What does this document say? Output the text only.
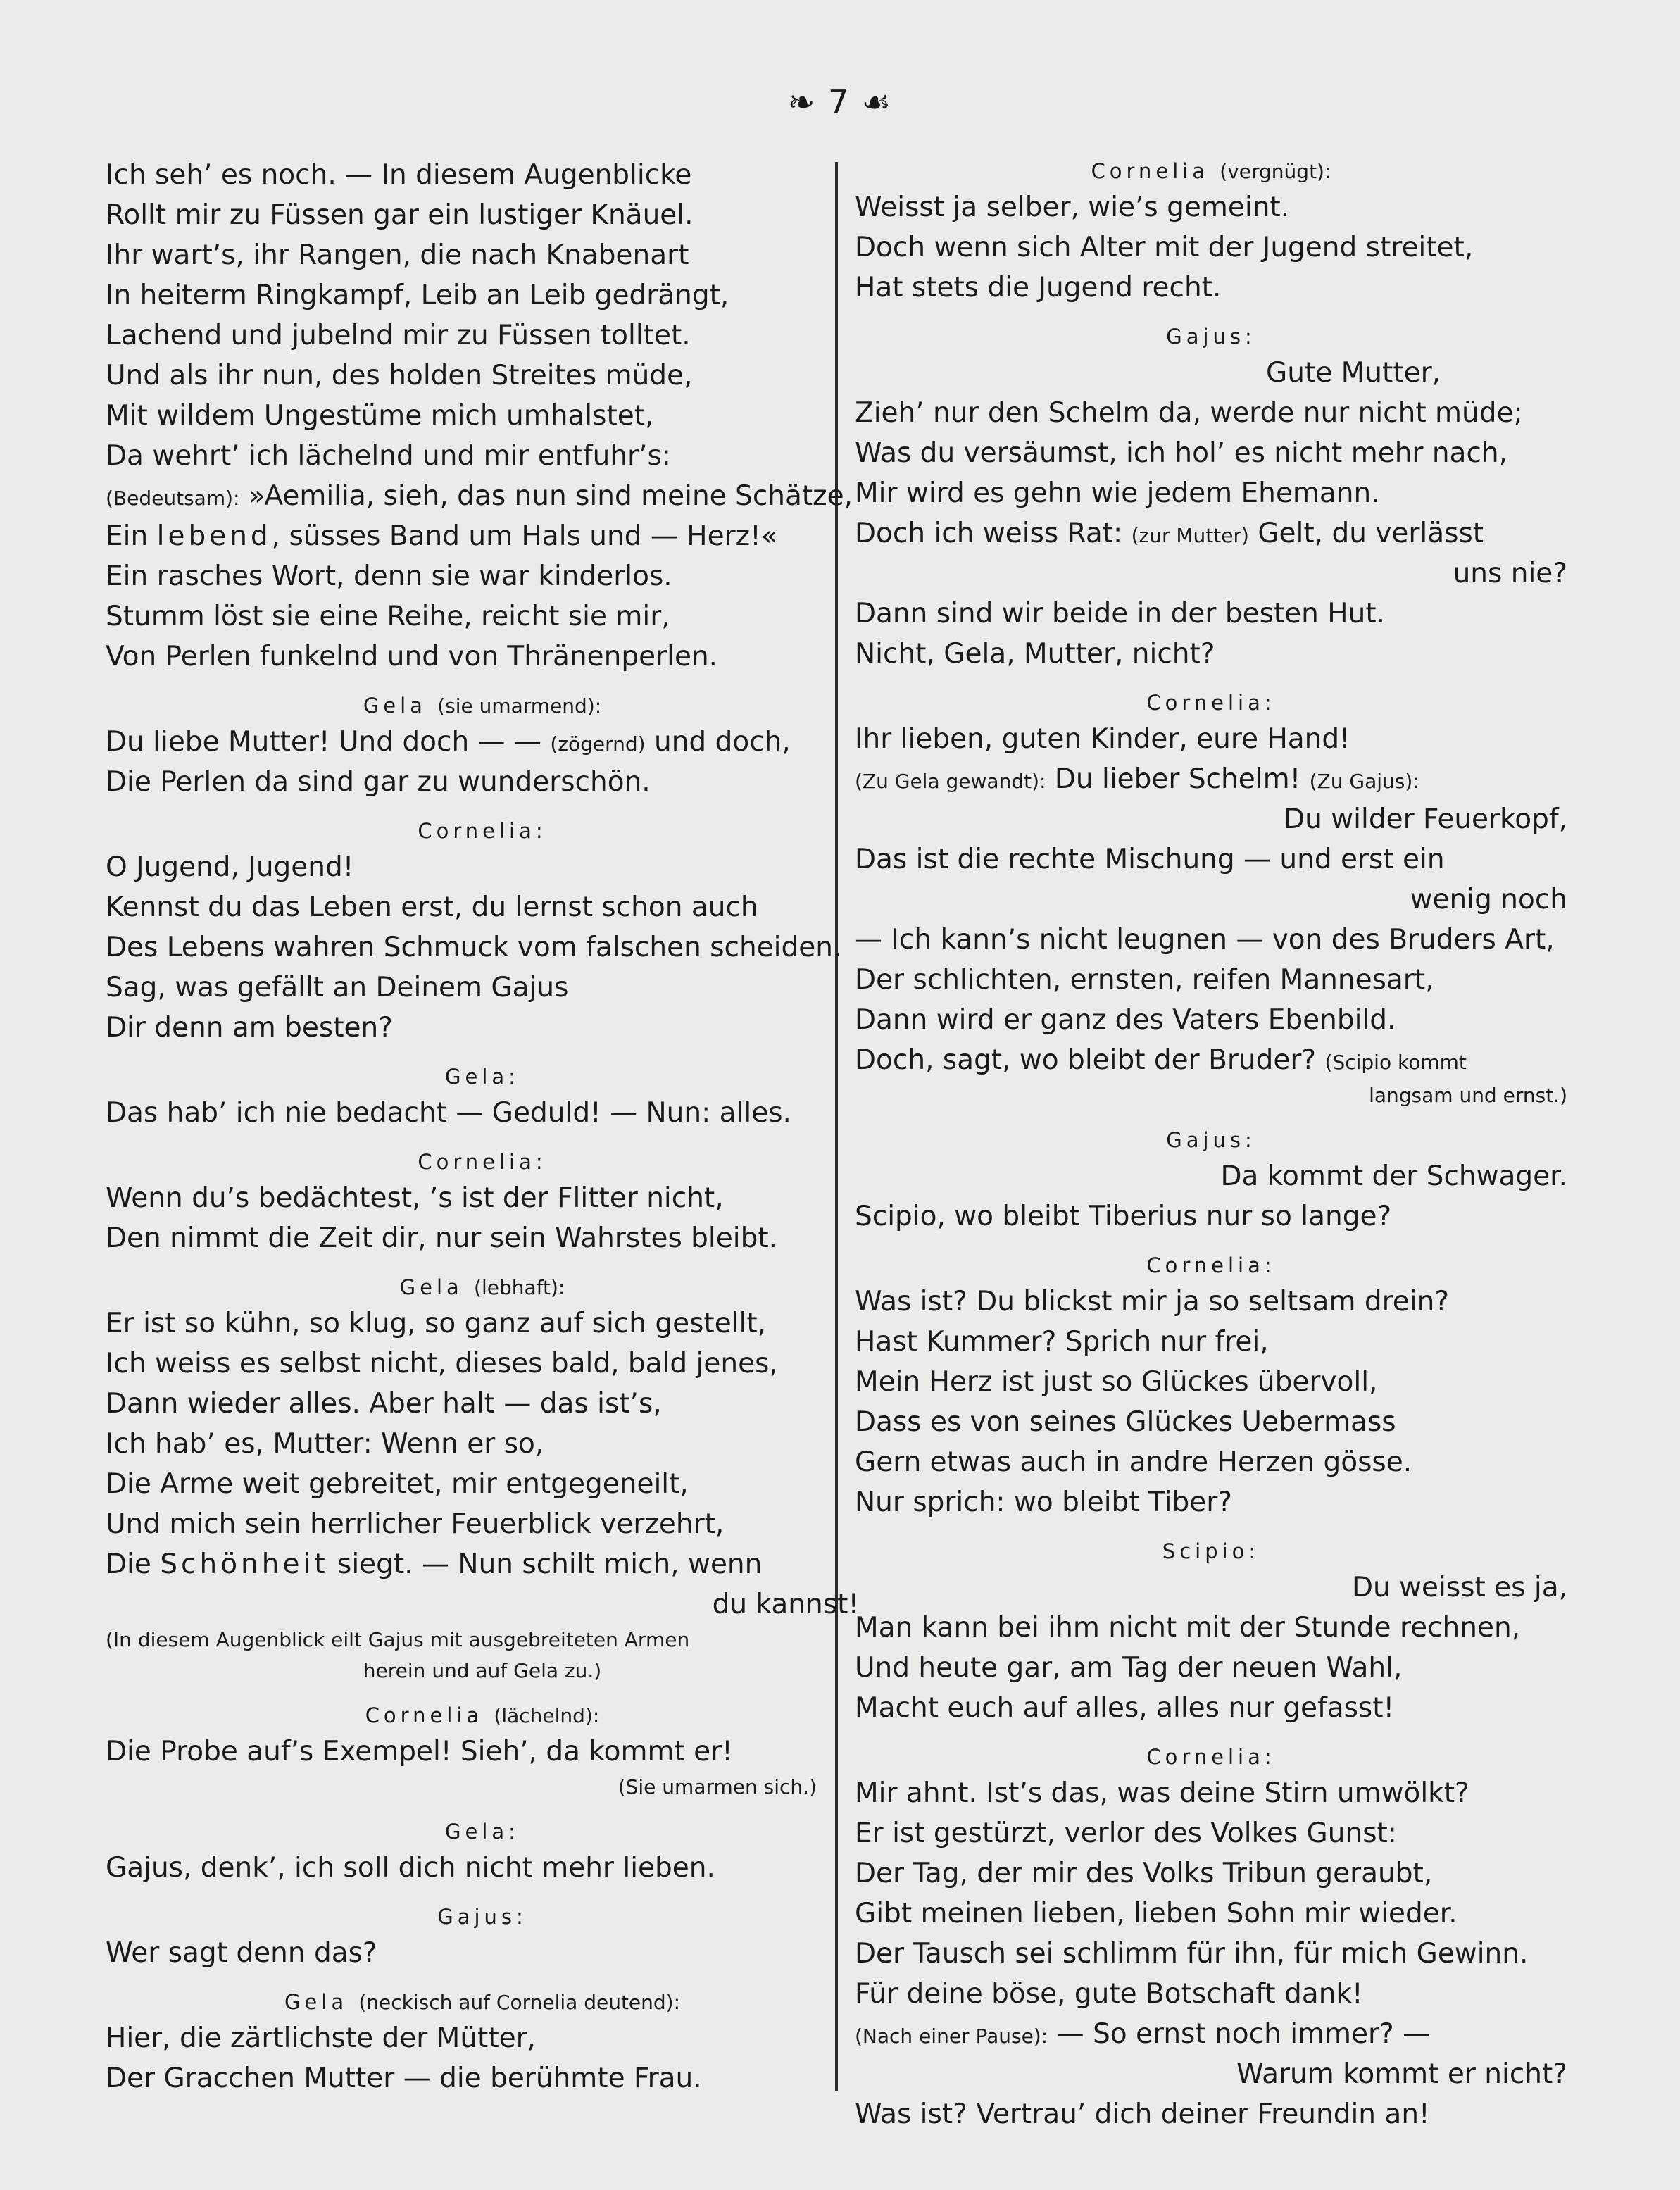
❧ 7 ☙
Ich seh’ es noch. — In diesem Augenblicke
Rollt mir zu Füssen gar ein lustiger Knäuel.
Ihr wart’s, ihr Rangen, die nach Knabenart
In heiterm Ringkampf, Leib an Leib gedrängt,
Lachend und jubelnd mir zu Füssen tolltet.
Und als ihr nun, des holden Streites müde,
Mit wildem Ungestüme mich umhalstet,
Da wehrt’ ich lächelnd und mir entfuhr’s:
(Bedeutsam): »Aemilia, sieh, das nun sind meine Schätze,
Ein lebend, süsses Band um Hals und — Herz!«
Ein rasches Wort, denn sie war kinderlos.
Stumm löst sie eine Reihe, reicht sie mir,
Von Perlen funkelnd und von Thränenperlen.
Gela (sie umarmend):
Du liebe Mutter! Und doch — — (zögernd) und doch,
Die Perlen da sind gar zu wunderschön.
Cornelia:
O Jugend, Jugend!
Kennst du das Leben erst, du lernst schon auch
Des Lebens wahren Schmuck vom falschen scheiden.
Sag, was gefällt an Deinem Gajus
Dir denn am besten?
Gela:
Das hab’ ich nie bedacht — Geduld! — Nun: alles.
Cornelia:
Wenn du’s bedächtest, ’s ist der Flitter nicht,
Den nimmt die Zeit dir, nur sein Wahrstes bleibt.
Gela (lebhaft):
Er ist so kühn, so klug, so ganz auf sich gestellt,
Ich weiss es selbst nicht, dieses bald, bald jenes,
Dann wieder alles. Aber halt — das ist’s,
Ich hab’ es, Mutter: Wenn er so,
Die Arme weit gebreitet, mir entgegeneilt,
Und mich sein herrlicher Feuerblick verzehrt,
Die Schönheit siegt. — Nun schilt mich, wenn
du kannst!
(In diesem Augenblick eilt Gajus mit ausgebreiteten Armen
herein und auf Gela zu.)
Cornelia (lächelnd):
Die Probe auf’s Exempel! Sieh’, da kommt er!
(Sie umarmen sich.)
Gela:
Gajus, denk’, ich soll dich nicht mehr lieben.
Gajus:
Wer sagt denn das?
Gela (neckisch auf Cornelia deutend):
Hier, die zärtlichste der Mütter,
Der Gracchen Mutter — die berühmte Frau.
Cornelia (vergnügt):
Weisst ja selber, wie’s gemeint.
Doch wenn sich Alter mit der Jugend streitet,
Hat stets die Jugend recht.
Gajus:
Gute Mutter,
Zieh’ nur den Schelm da, werde nur nicht müde;
Was du versäumst, ich hol’ es nicht mehr nach,
Mir wird es gehn wie jedem Ehemann.
Doch ich weiss Rat: (zur Mutter) Gelt, du verlässt
uns nie?
Dann sind wir beide in der besten Hut.
Nicht, Gela, Mutter, nicht?
Cornelia:
Ihr lieben, guten Kinder, eure Hand!
(Zu Gela gewandt): Du lieber Schelm! (Zu Gajus):
Du wilder Feuerkopf,
Das ist die rechte Mischung — und erst ein
wenig noch
— Ich kann’s nicht leugnen — von des Bruders Art,
Der schlichten, ernsten, reifen Mannesart,
Dann wird er ganz des Vaters Ebenbild.
Doch, sagt, wo bleibt der Bruder? (Scipio kommt
langsam und ernst.)
Gajus:
Da kommt der Schwager.
Scipio, wo bleibt Tiberius nur so lange?
Cornelia:
Was ist? Du blickst mir ja so seltsam drein?
Hast Kummer? Sprich nur frei,
Mein Herz ist just so Glückes übervoll,
Dass es von seines Glückes Uebermass
Gern etwas auch in andre Herzen gösse.
Nur sprich: wo bleibt Tiber?
Scipio:
Du weisst es ja,
Man kann bei ihm nicht mit der Stunde rechnen,
Und heute gar, am Tag der neuen Wahl,
Macht euch auf alles, alles nur gefasst!
Cornelia:
Mir ahnt. Ist’s das, was deine Stirn umwölkt?
Er ist gestürzt, verlor des Volkes Gunst:
Der Tag, der mir des Volks Tribun geraubt,
Gibt meinen lieben, lieben Sohn mir wieder.
Der Tausch sei schlimm für ihn, für mich Gewinn.
Für deine böse, gute Botschaft dank!
(Nach einer Pause): — So ernst noch immer? —
Warum kommt er nicht?
Was ist? Vertrau’ dich deiner Freundin an!
